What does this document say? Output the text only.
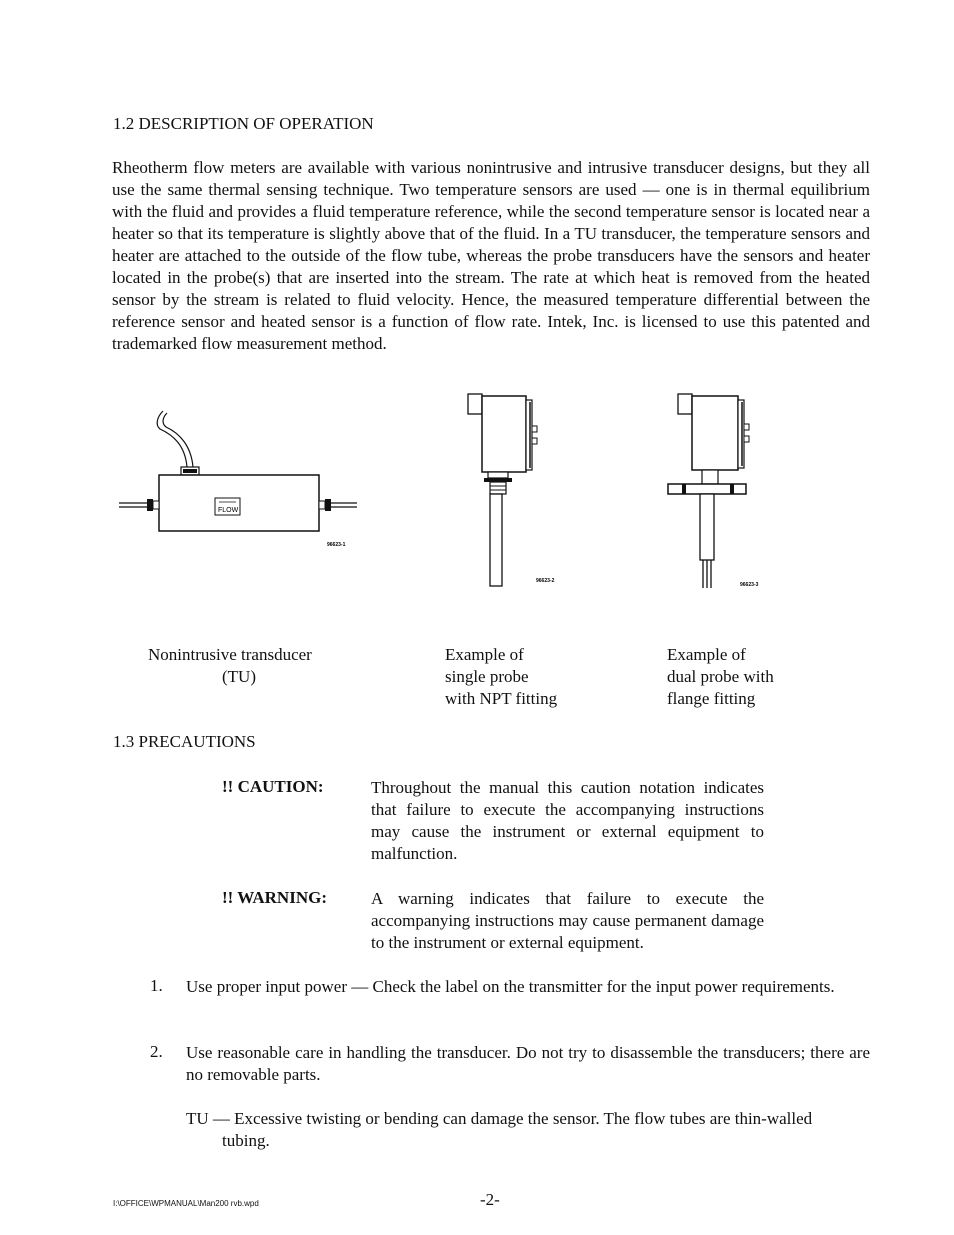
1.2 DESCRIPTION OF OPERATION

Rheotherm flow meters are available with various nonintrusive and intrusive transducer designs, but they all use the same thermal sensing technique. Two temperature sensors are used — one is in thermal equilibrium with the fluid and provides a fluid temperature reference, while the second temperature sensor is located near a heater so that its temperature is slightly above that of the fluid. In a TU transducer, the temperature sensors and heater are attached to the outside of the flow tube, whereas the probe transducers have the sensors and heater located in the probe(s) that are inserted into the stream. The rate at which heat is removed from the heated sensor by the stream is related to fluid velocity. Hence, the measured temperature differential between the reference sensor and heated sensor is a function of flow rate. Intek, Inc. is licensed to use this patented and trademarked flow measurement method.

FLOW
96623-1
96623-2
96623-3
Nonintrusive transducer
(TU)
Example of
single probe
with NPT fitting
Example of
dual probe with
flange fitting
1.3 PRECAUTIONS
!! CAUTION:	Throughout the manual this caution notation indicates that failure to execute the accompanying instructions may cause the instrument or external equipment to malfunction.
!! WARNING:	A warning indicates that failure to execute the accompanying instructions may cause permanent damage to the instrument or external equipment.
1. Use proper input power — Check the label on the transmitter for the input power requirements.
2. Use reasonable care in handling the transducer. Do not try to disassemble the transducers; there are no removable parts.
TU — Excessive twisting or bending can damage the sensor. The flow tubes are thin-walled
tubing.
I:\OFFICE\WPMANUAL\Man200 rvb.wpd	-2-
